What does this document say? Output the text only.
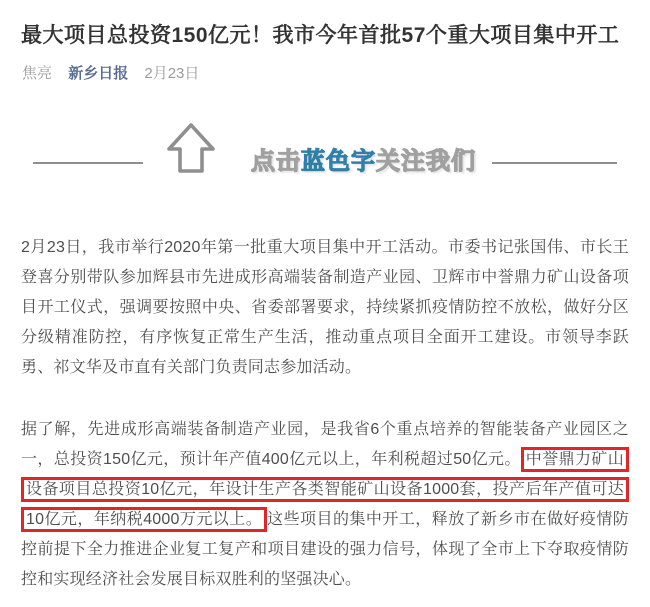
最大项目总投资150亿元！我市今年首批57个重大项目集中开工
焦亮 新乡日报 2月23日
点击蓝色字关注我们

2月23日，我市举行2020年第一批重大项目集中开工活动。市委书记张国伟、市长王登喜分别带队参加辉县市先进成形高端装备制造产业园、卫辉市中誉鼎力矿山设备项目开工仪式，强调要按照中央、省委部署要求，持续紧抓疫情防控不放松，做好分区分级精准防控，有序恢复正常生产生活，推动重点项目全面开工建设。市领导李跃勇、祁文华及市直有关部门负责同志参加活动。

据了解，先进成形高端装备制造产业园，是我省6个重点培养的智能装备产业园区之一，总投资150亿元，预计年产值400亿元以上，年利税超过50亿元。 中誉鼎力矿山设备项目总投资10亿元，年设计生产各类智能矿山设备1000套，投产后年产值可达10亿元，年纳税4000万元以上。 这些项目的集中开工，释放了新乡市在做好疫情防控前提下全力推进企业复工复产和项目建设的强力信号，体现了全市上下夺取疫情防控和实现经济社会发展目标双胜利的坚强决心。
